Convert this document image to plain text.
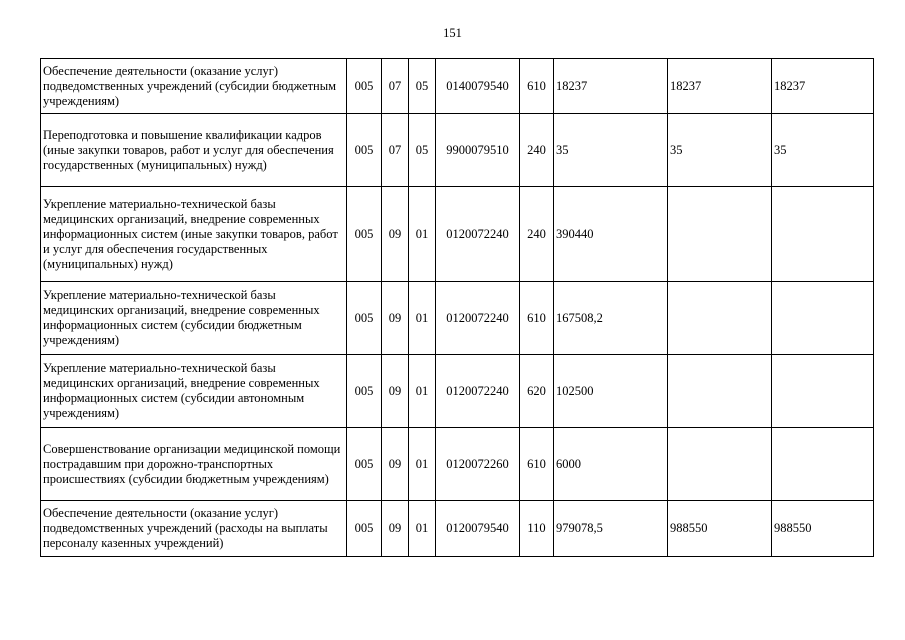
151
Обеспечение деятельности (оказание услуг) подведомственных учреждений (субсидии бюджетным учреждениям)	005	07	05	0140079540	610	18237	18237	18237
Переподготовка и повышение квалификации кадров (иные закупки товаров, работ и услуг для обеспечения государственных (муниципальных) нужд)	005	07	05	9900079510	240	35	35	35
Укрепление материально-технической базы медицинских организаций, внедрение современных информационных систем (иные закупки товаров, работ и услуг для обеспечения государственных (муниципальных) нужд)	005	09	01	0120072240	240	390440		
Укрепление материально-технической базы медицинских организаций, внедрение современных информационных систем (субсидии бюджетным учреждениям)	005	09	01	0120072240	610	167508,2		
Укрепление материально-технической базы медицинских организаций, внедрение современных информационных систем (субсидии автономным учреждениям)	005	09	01	0120072240	620	102500		
Совершенствование организации медицинской помощи пострадавшим при дорожно-транспортных происшествиях (субсидии бюджетным учреждениям)	005	09	01	0120072260	610	6000		
Обеспечение деятельности (оказание услуг) подведомственных учреждений (расходы на выплаты персоналу казенных учреждений)	005	09	01	0120079540	110	979078,5	988550	988550
